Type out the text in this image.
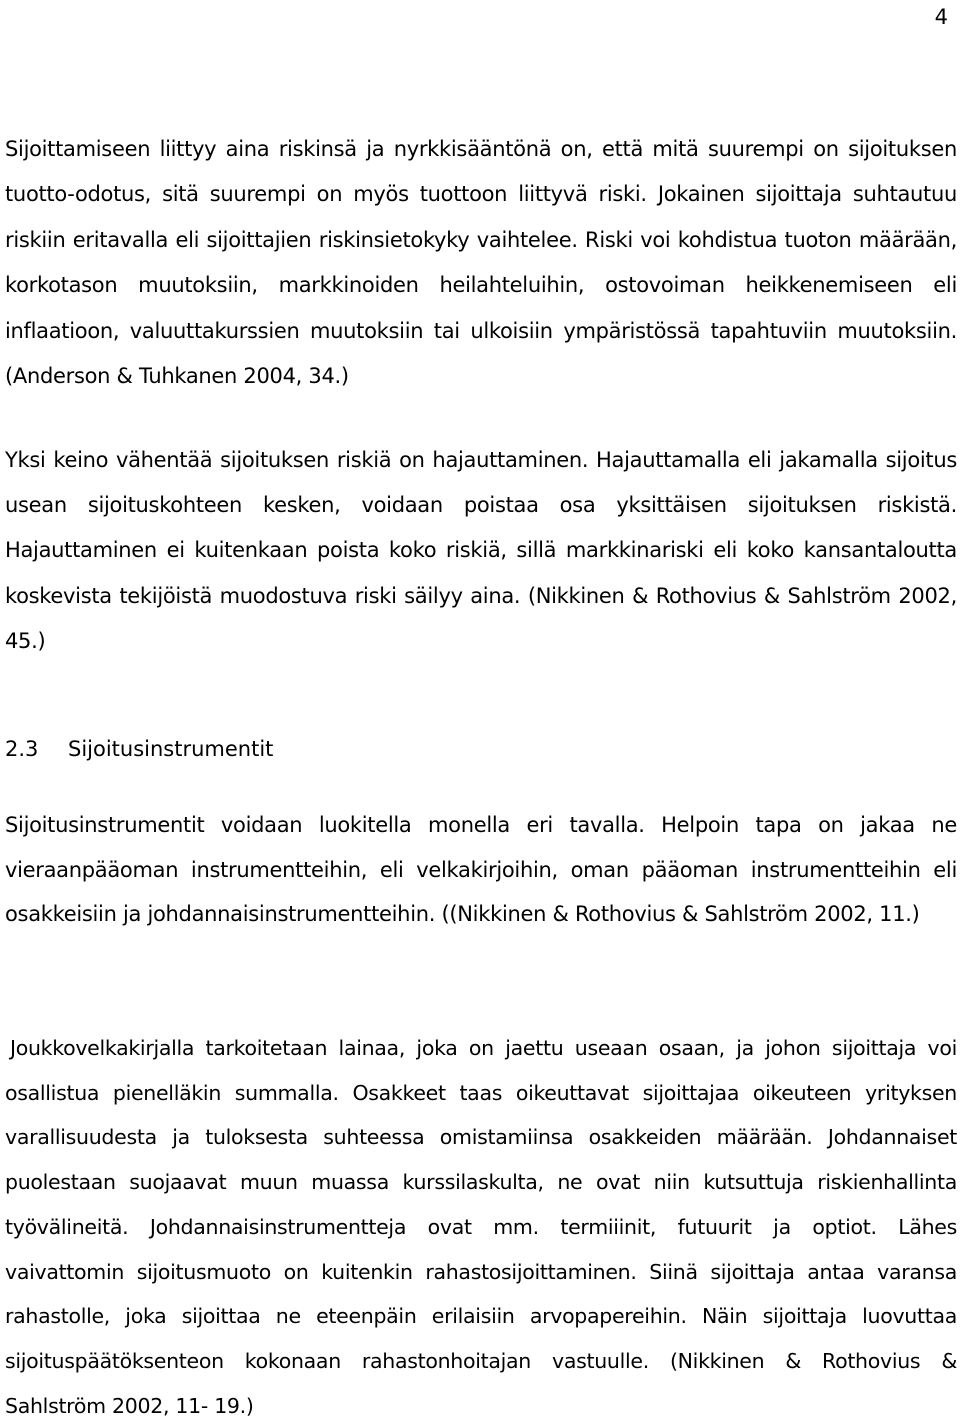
4

Sijoittamiseen liittyy aina riskinsä ja nyrkkisääntönä on, että mitä suurempi on sijoituksen tuotto-odotus, sitä suurempi on myös tuottoon liittyvä riski. Jokainen sijoittaja suhtautuu riskiin eritavalla eli sijoittajien riskinsietokyky vaihtelee. Riski voi kohdistua tuoton määrään, korkotason muutoksiin, markkinoiden heilahteluihin, ostovoiman heikkenemiseen eli inflaatioon, valuuttakurssien muutoksiin tai ulkoisiin ympäristössä tapahtuviin muutoksiin. (Anderson & Tuhkanen 2004, 34.)

Yksi keino vähentää sijoituksen riskiä on hajauttaminen. Hajauttamalla eli jakamalla sijoitus usean sijoituskohteen kesken, voidaan poistaa osa yksittäisen sijoituksen riskistä. Hajauttaminen ei kuitenkaan poista koko riskiä, sillä markkinariski eli koko kansantaloutta koskevista tekijöistä muodostuva riski säilyy aina. (Nikkinen & Rothovius & Sahlström 2002, 45.)

2.3 Sijoitusinstrumentit

Sijoitusinstrumentit voidaan luokitella monella eri tavalla. Helpoin tapa on jakaa ne vieraanpääoman instrumentteihin, eli velkakirjoihin, oman pääoman instrumentteihin eli osakkeisiin ja johdannaisinstrumentteihin. ((Nikkinen & Rothovius & Sahlström 2002, 11.)

Joukkovelkakirjalla tarkoitetaan lainaa, joka on jaettu useaan osaan, ja johon sijoittaja voi osallistua pienelläkin summalla. Osakkeet taas oikeuttavat sijoittajaa oikeuteen yrityksen varallisuudesta ja tuloksesta suhteessa omistamiinsa osakkeiden määrään. Johdannaiset puolestaan suojaavat muun muassa kurssilaskulta, ne ovat niin kutsuttuja riskienhallinta työvälineitä. Johdannaisinstrumentteja ovat mm. termiiinit, futuurit ja optiot. Lähes vaivattomin sijoitusmuoto on kuitenkin rahastosijoittaminen. Siinä sijoittaja antaa varansa rahastolle, joka sijoittaa ne eteenpäin erilaisiin arvopapereihin. Näin sijoittaja luovuttaa sijoituspäätöksenteon kokonaan rahastonhoitajan vastuulle. (Nikkinen & Rothovius & Sahlström 2002, 11- 19.)
